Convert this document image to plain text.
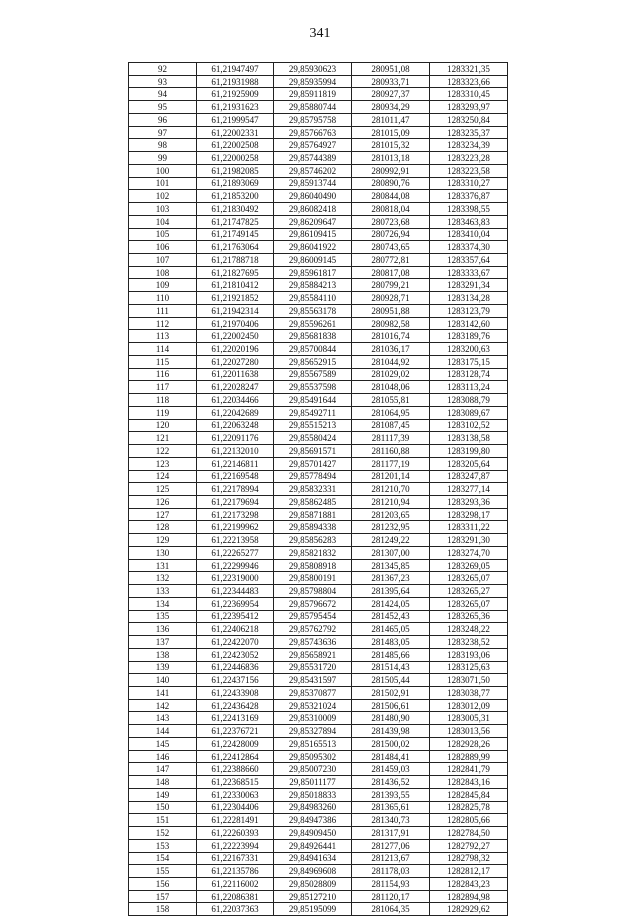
341
92	61,21947497	29,85930623	280951,08	1283321,35
93	61,21931988	29,85935994	280933,71	1283323,66
94	61,21925909	29,85911819	280927,37	1283310,45
95	61,21931623	29,85880744	280934,29	1283293,97
96	61,21999547	29,85795758	281011,47	1283250,84
97	61,22002331	29,85766763	281015,09	1283235,37
98	61,22002508	29,85764927	281015,32	1283234,39
99	61,22000258	29,85744389	281013,18	1283223,28
100	61,21982085	29,85746202	280992,91	1283223,58
101	61,21893069	29,85913744	280890,76	1283310,27
102	61,21853200	29,86040490	280844,08	1283376,87
103	61,21830492	29,86082418	280818,04	1283398,55
104	61,21747825	29,86209647	280723,68	1283463,83
105	61,21749145	29,86109415	280726,94	1283410,04
106	61,21763064	29,86041922	280743,65	1283374,30
107	61,21788718	29,86009145	280772,81	1283357,64
108	61,21827695	29,85961817	280817,08	1283333,67
109	61,21810412	29,85884213	280799,21	1283291,34
110	61,21921852	29,85584110	280928,71	1283134,28
111	61,21942314	29,85563178	280951,88	1283123,79
112	61,21970406	29,85596261	280982,58	1283142,60
113	61,22002450	29,85681838	281016,74	1283189,76
114	61,22020196	29,85700844	281036,17	1283200,63
115	61,22027280	29,85652915	281044,92	1283175,15
116	61,22011638	29,85567589	281029,02	1283128,74
117	61,22028247	29,85537598	281048,06	1283113,24
118	61,22034466	29,85491644	281055,81	1283088,79
119	61,22042689	29,85492711	281064,95	1283089,67
120	61,22063248	29,85515213	281087,45	1283102,52
121	61,22091176	29,85580424	281117,39	1283138,58
122	61,22132010	29,85691571	281160,88	1283199,80
123	61,22146811	29,85701427	281177,19	1283205,64
124	61,22169548	29,85778494	281201,14	1283247,87
125	61,22178994	29,85832331	281210,70	1283277,14
126	61,22179694	29,85862485	281210,94	1283293,36
127	61,22173298	29,85871881	281203,65	1283298,17
128	61,22199962	29,85894338	281232,95	1283311,22
129	61,22213958	29,85856283	281249,22	1283291,30
130	61,22265277	29,85821832	281307,00	1283274,70
131	61,22299946	29,85808918	281345,85	1283269,05
132	61,22319000	29,85800191	281367,23	1283265,07
133	61,22344483	29,85798804	281395,64	1283265,27
134	61,22369954	29,85796672	281424,05	1283265,07
135	61,22395412	29,85795454	281452,43	1283265,36
136	61,22406218	29,85762792	281465,05	1283248,22
137	61,22422070	29,85743636	281483,05	1283238,52
138	61,22423052	29,85658921	281485,66	1283193,06
139	61,22446836	29,85531720	281514,43	1283125,63
140	61,22437156	29,85431597	281505,44	1283071,50
141	61,22433908	29,85370877	281502,91	1283038,77
142	61,22436428	29,85321024	281506,61	1283012,09
143	61,22413169	29,85310009	281480,90	1283005,31
144	61,22376721	29,85327894	281439,98	1283013,56
145	61,22428009	29,85165513	281500,02	1282928,26
146	61,22412864	29,85095302	281484,41	1282889,99
147	61,22388660	29,85007230	281459,03	1282841,79
148	61,22368515	29,85011177	281436,52	1282843,16
149	61,22330063	29,85018833	281393,55	1282845,84
150	61,22304406	29,84983260	281365,61	1282825,78
151	61,22281491	29,84947386	281340,73	1282805,66
152	61,22260393	29,84909450	281317,91	1282784,50
153	61,22223994	29,84926441	281277,06	1282792,27
154	61,22167331	29,84941634	281213,67	1282798,32
155	61,22135786	29,84969608	281178,03	1282812,17
156	61,22116002	29,85028809	281154,93	1282843,23
157	61,22086381	29,85127210	281120,17	1282894,98
158	61,22037363	29,85195099	281064,35	1282929,62
